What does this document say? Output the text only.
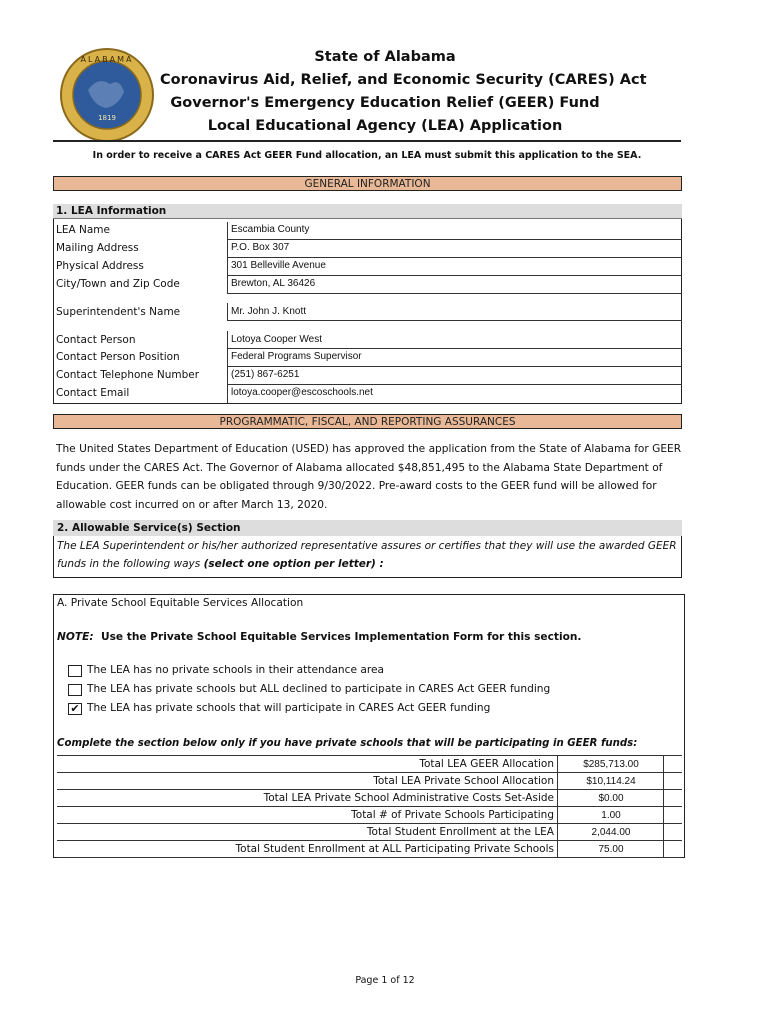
1819
ALABAMA	State of Alabama
Coronavirus Aid, Relief, and Economic Security (CARES) Act
Governor's Emergency Education Relief (GEER) Fund
Local Educational Agency (LEA) Application
In order to receive a CARES Act GEER Fund allocation, an LEA must submit this application to the SEA.
GENERAL INFORMATION
1. LEA Information
LEA Name	Escambia County
Mailing Address	P.O. Box 307
Physical Address	301 Belleville Avenue
City/Town and Zip Code	Brewton, AL 36426
Superintendent's Name	Mr. John J. Knott
Contact Person	Lotoya Cooper West
Contact Person Position	Federal Programs Supervisor
Contact Telephone Number	(251) 867-6251
Contact Email	lotoya.cooper@escoschools.net
PROGRAMMATIC, FISCAL, AND REPORTING ASSURANCES
The United States Department of Education (USED) has approved the application from the State of Alabama for GEER funds under the CARES Act. The Governor of Alabama allocated $48,851,495 to the Alabama State Department of Education. GEER funds can be obligated through 9/30/2022. Pre-award costs to the GEER fund will be allowed for allowable cost incurred on or after March 13, 2020.
2. Allowable Service(s) Section
The LEA Superintendent or his/her authorized representative assures or certifies that they will use the awarded GEER funds in the following ways (select one option per letter) :
A. Private School Equitable Services Allocation
NOTE: Use the Private School Equitable Services Implementation Form for this section.
The LEA has no private schools in their attendance area
The LEA has private schools but ALL declined to participate in CARES Act GEER funding
✔ The LEA has private schools that will participate in CARES Act GEER funding
Complete the section below only if you have private schools that will be participating in GEER funds:
Total LEA GEER Allocation	$285,713.00
Total LEA Private School Allocation	$10,114.24
Total LEA Private School Administrative Costs Set-Aside	$0.00
Total # of Private Schools Participating	1.00
Total Student Enrollment at the LEA	2,044.00
Total Student Enrollment at ALL Participating Private Schools	75.00
Page 1 of 12
